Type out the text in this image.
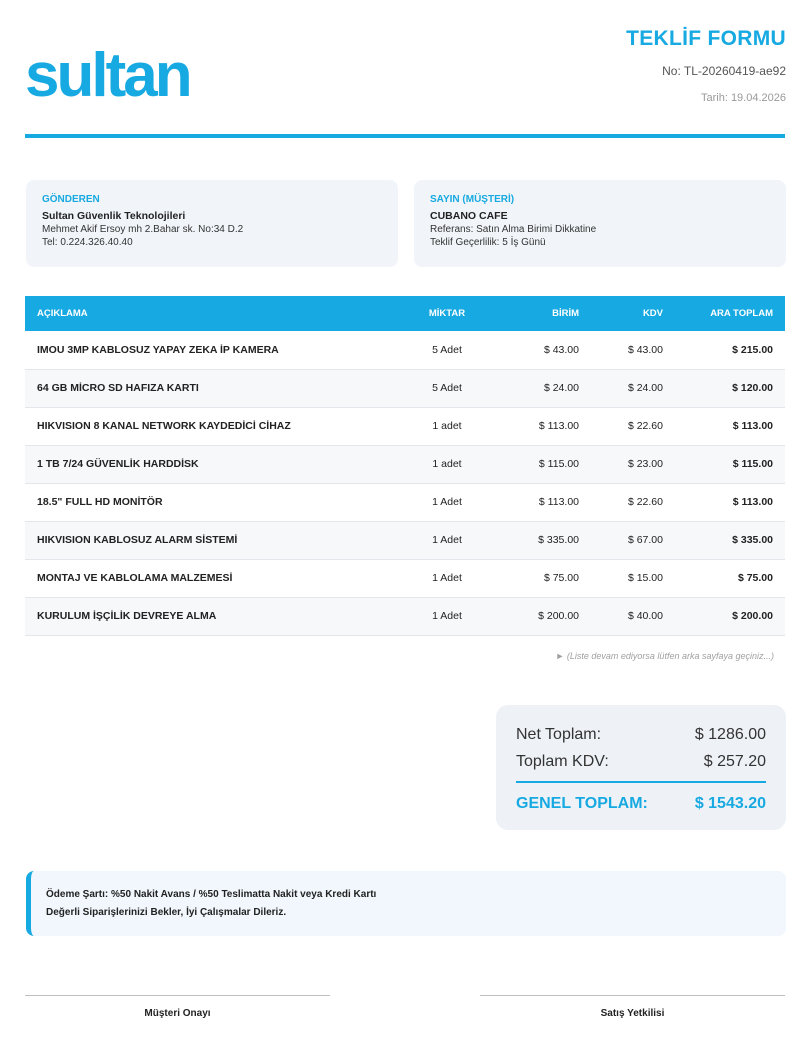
sultan
TEKLİF FORMU
No: TL-20260419-ae92
Tarih: 19.04.2026
GÖNDEREN
Sultan Güvenlik Teknolojileri
Mehmet Akif Ersoy mh 2.Bahar sk. No:34 D.2
Tel: 0.224.326.40.40
SAYIN (MÜŞTERİ)
CUBANO CAFE
Referans: Satın Alma Birimi Dikkatine
Teklif Geçerlilik: 5 İş Günü
AÇIKLAMA	MİKTAR	BİRİM	KDV	ARA TOPLAM
IMOU 3MP KABLOSUZ YAPAY ZEKA İP KAMERA	5 Adet	$ 43.00	$ 43.00	$ 215.00
64 GB MİCRO SD HAFIZA KARTI	5 Adet	$ 24.00	$ 24.00	$ 120.00
HIKVISION 8 KANAL NETWORK KAYDEDİCİ CİHAZ	1 adet	$ 113.00	$ 22.60	$ 113.00
1 TB 7/24 GÜVENLİK HARDDİSK	1 adet	$ 115.00	$ 23.00	$ 115.00
18.5" FULL HD MONİTÖR	1 Adet	$ 113.00	$ 22.60	$ 113.00
HIKVISION KABLOSUZ ALARM SİSTEMİ	1 Adet	$ 335.00	$ 67.00	$ 335.00
MONTAJ VE KABLOLAMA MALZEMESİ	1 Adet	$ 75.00	$ 15.00	$ 75.00
KURULUM İŞÇİLİK DEVREYE ALMA	1 Adet	$ 200.00	$ 40.00	$ 200.00
► (Liste devam ediyorsa lütfen arka sayfaya geçiniz...)
Net Toplam:	$ 1286.00
Toplam KDV:	$ 257.20
GENEL TOPLAM:	$ 1543.20
Ödeme Şartı: %50 Nakit Avans / %50 Teslimatta Nakit veya Kredi Kartı
Değerli Siparişlerinizi Bekler, İyi Çalışmalar Dileriz.
Müşteri Onayı	Satış Yetkilisi
